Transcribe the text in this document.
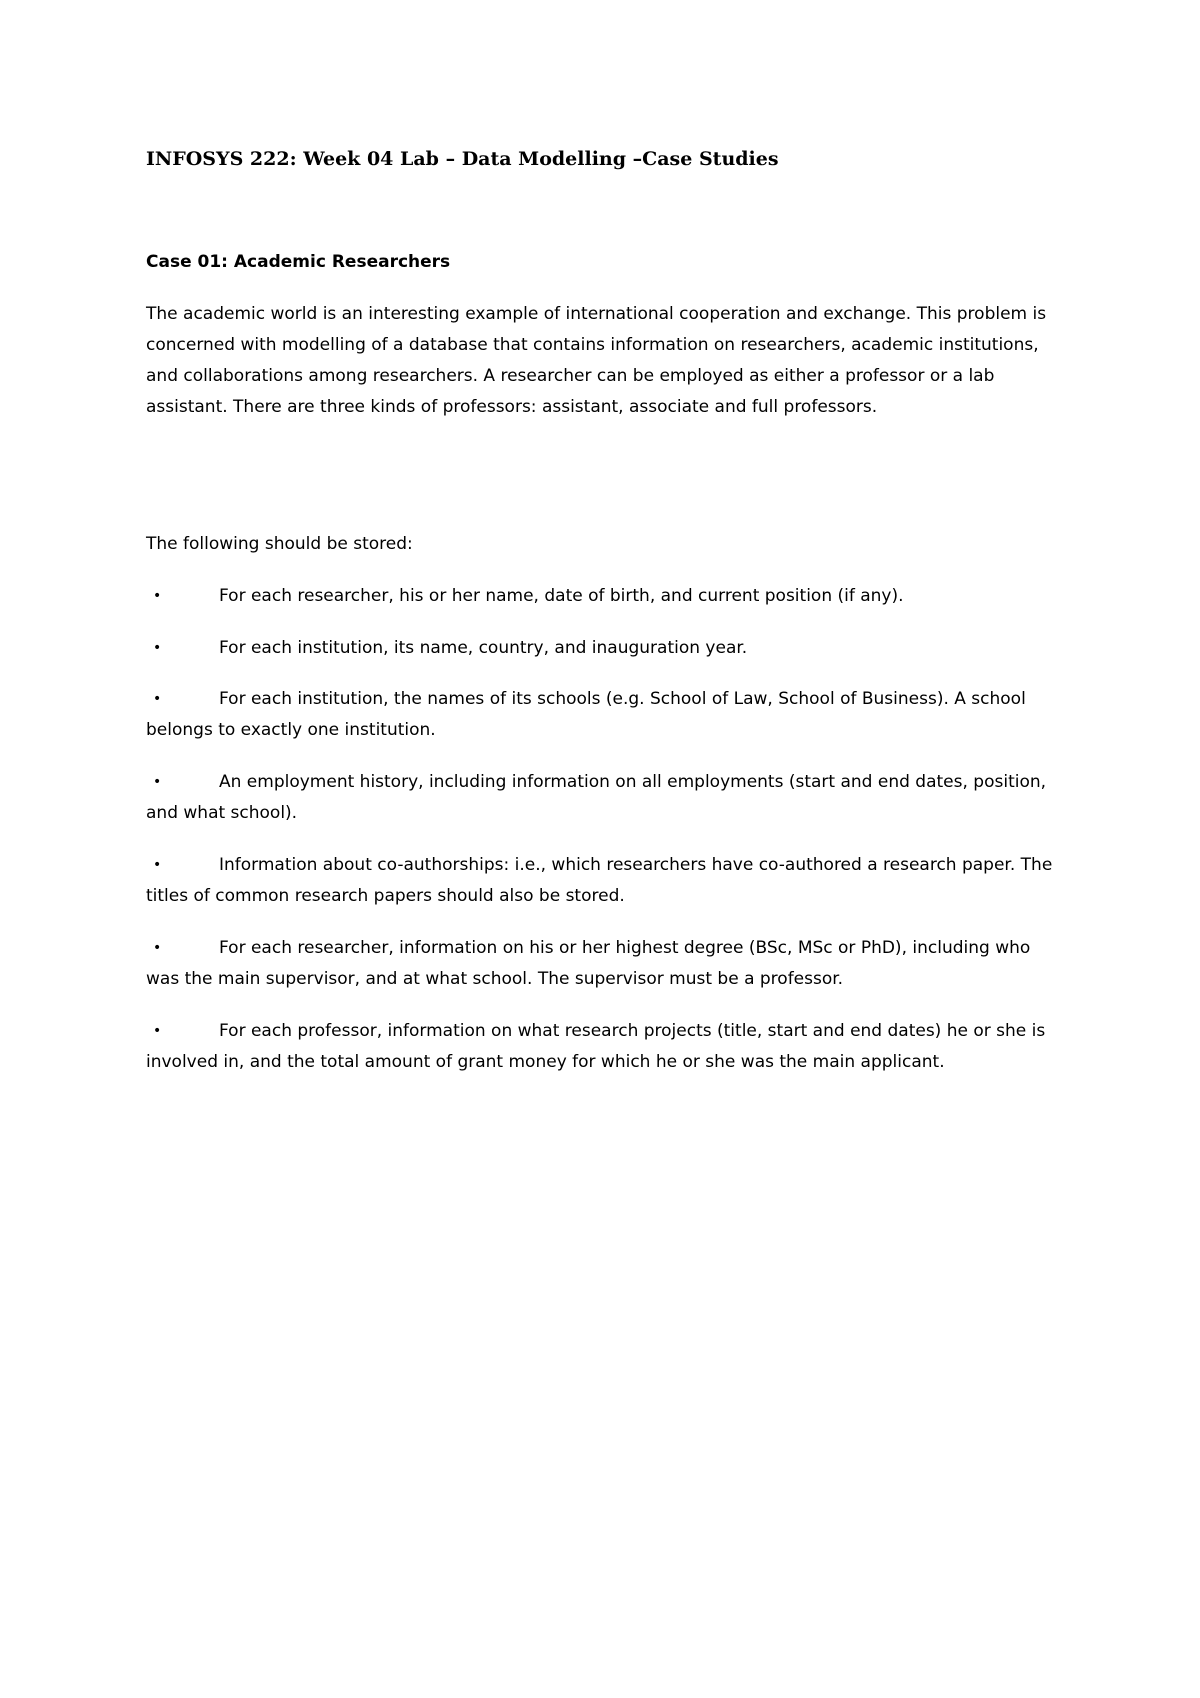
INFOSYS 222: Week 04 Lab – Data Modelling –Case Studies
Case 01: Academic Researchers

The academic world is an interesting example of international cooperation and exchange. This problem is concerned with modelling of a database that contains information on researchers, academic institutions, and collaborations among researchers. A researcher can be employed as either a professor or a lab assistant. There are three kinds of professors: assistant, associate and full professors.

The following should be stored:

•	For each researcher, his or her name, date of birth, and current position (if any).
•	For each institution, its name, country, and inauguration year.
•	For each institution, the names of its schools (e.g. School of Law, School of Business). A school belongs to exactly one institution.
•	An employment history, including information on all employments (start and end dates, position, and what school).
•	Information about co-authorships: i.e., which researchers have co-authored a research paper. The titles of common research papers should also be stored.
•	For each researcher, information on his or her highest degree (BSc, MSc or PhD), including who was the main supervisor, and at what school. The supervisor must be a professor.
•	For each professor, information on what research projects (title, start and end dates) he or she is involved in, and the total amount of grant money for which he or she was the main applicant.
